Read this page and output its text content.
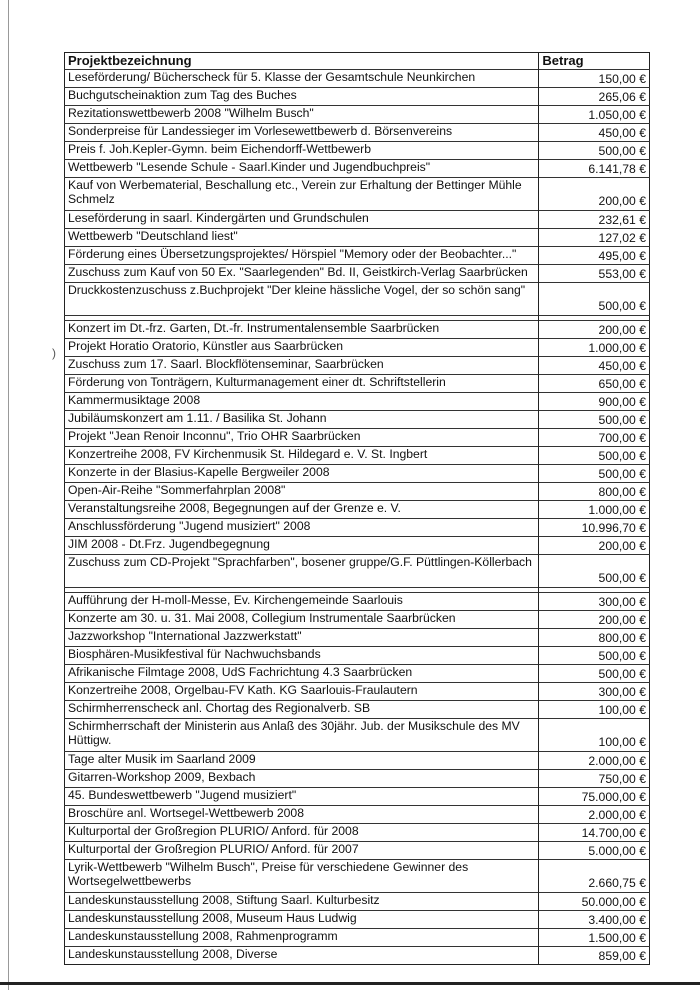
)
Projektbezeichnung	Betrag
Leseförderung/ Bücherscheck für 5. Klasse der Gesamtschule Neunkirchen	150,00 €
Buchgutscheinaktion zum Tag des Buches	265,06 €
Rezitationswettbewerb 2008 "Wilhelm Busch"	1.050,00 €
Sonderpreise für Landessieger im Vorlesewettbewerb d. Börsenvereins	450,00 €
Preis f. Joh.Kepler-Gymn. beim Eichendorff-Wettbewerb	500,00 €
Wettbewerb "Lesende Schule - Saarl.Kinder und Jugendbuchpreis"	6.141,78 €
Kauf von Werbematerial, Beschallung etc., Verein zur Erhaltung der Bettinger Mühle Schmelz	200,00 €
Leseförderung in saarl. Kindergärten und Grundschulen	232,61 €
Wettbewerb "Deutschland liest"	127,02 €
Förderung eines Übersetzungsprojektes/ Hörspiel "Memory oder der Beobachter..."	495,00 €
Zuschuss zum Kauf von 50 Ex. "Saarlegenden" Bd. II, Geistkirch-Verlag Saarbrücken	553,00 €
Druckkostenzuschuss z.Buchprojekt "Der kleine hässliche Vogel, der so schön sang"	500,00 €

Konzert im Dt.-frz. Garten, Dt.-fr. Instrumentalensemble Saarbrücken	200,00 €
Projekt Horatio Oratorio, Künstler aus Saarbrücken	1.000,00 €
Zuschuss zum 17. Saarl. Blockflötenseminar, Saarbrücken	450,00 €
Förderung von Tonträgern, Kulturmanagement einer dt. Schriftstellerin	650,00 €
Kammermusiktage 2008	900,00 €
Jubiläumskonzert am 1.11. / Basilika St. Johann	500,00 €
Projekt "Jean Renoir Inconnu", Trio OHR Saarbrücken	700,00 €
Konzertreihe 2008, FV Kirchenmusik St. Hildegard e. V. St. Ingbert	500,00 €
Konzerte in der Blasius-Kapelle Bergweiler 2008	500,00 €
Open-Air-Reihe "Sommerfahrplan 2008"	800,00 €
Veranstaltungsreihe 2008, Begegnungen auf der Grenze e. V.	1.000,00 €
Anschlussförderung "Jugend musiziert" 2008	10.996,70 €
JIM 2008 - Dt.Frz. Jugendbegegnung	200,00 €
Zuschuss zum CD-Projekt "Sprachfarben", bosener gruppe/G.F. Püttlingen-Köllerbach	500,00 €

Aufführung der H-moll-Messe, Ev. Kirchengemeinde Saarlouis	300,00 €
Konzerte am 30. u. 31. Mai 2008, Collegium Instrumentale Saarbrücken	200,00 €
Jazzworkshop "International Jazzwerkstatt"	800,00 €
Biosphären-Musikfestival für Nachwuchsbands	500,00 €
Afrikanische Filmtage 2008, UdS Fachrichtung 4.3 Saarbrücken	500,00 €
Konzertreihe 2008, Orgelbau-FV Kath. KG Saarlouis-Fraulautern	300,00 €
Schirmherrenscheck anl. Chortag des Regionalverb. SB	100,00 €
Schirmherrschaft der Ministerin aus Anlaß des 30jähr. Jub. der Musikschule des MV Hüttigw.	100,00 €
Tage alter Musik im Saarland 2009	2.000,00 €
Gitarren-Workshop 2009, Bexbach	750,00 €
45. Bundeswettbewerb "Jugend musiziert"	75.000,00 €
Broschüre anl. Wortsegel-Wettbewerb 2008	2.000,00 €
Kulturportal der Großregion PLURIO/ Anford. für 2008	14.700,00 €
Kulturportal der Großregion PLURIO/ Anford. für 2007	5.000,00 €
Lyrik-Wettbewerb "Wilhelm Busch", Preise für verschiedene Gewinner des Wortsegelwettbewerbs	2.660,75 €
Landeskunstausstellung 2008, Stiftung Saarl. Kulturbesitz	50.000,00 €
Landeskunstausstellung 2008, Museum Haus Ludwig	3.400,00 €
Landeskunstausstellung 2008, Rahmenprogramm	1.500,00 €
Landeskunstausstellung 2008, Diverse	859,00 €
